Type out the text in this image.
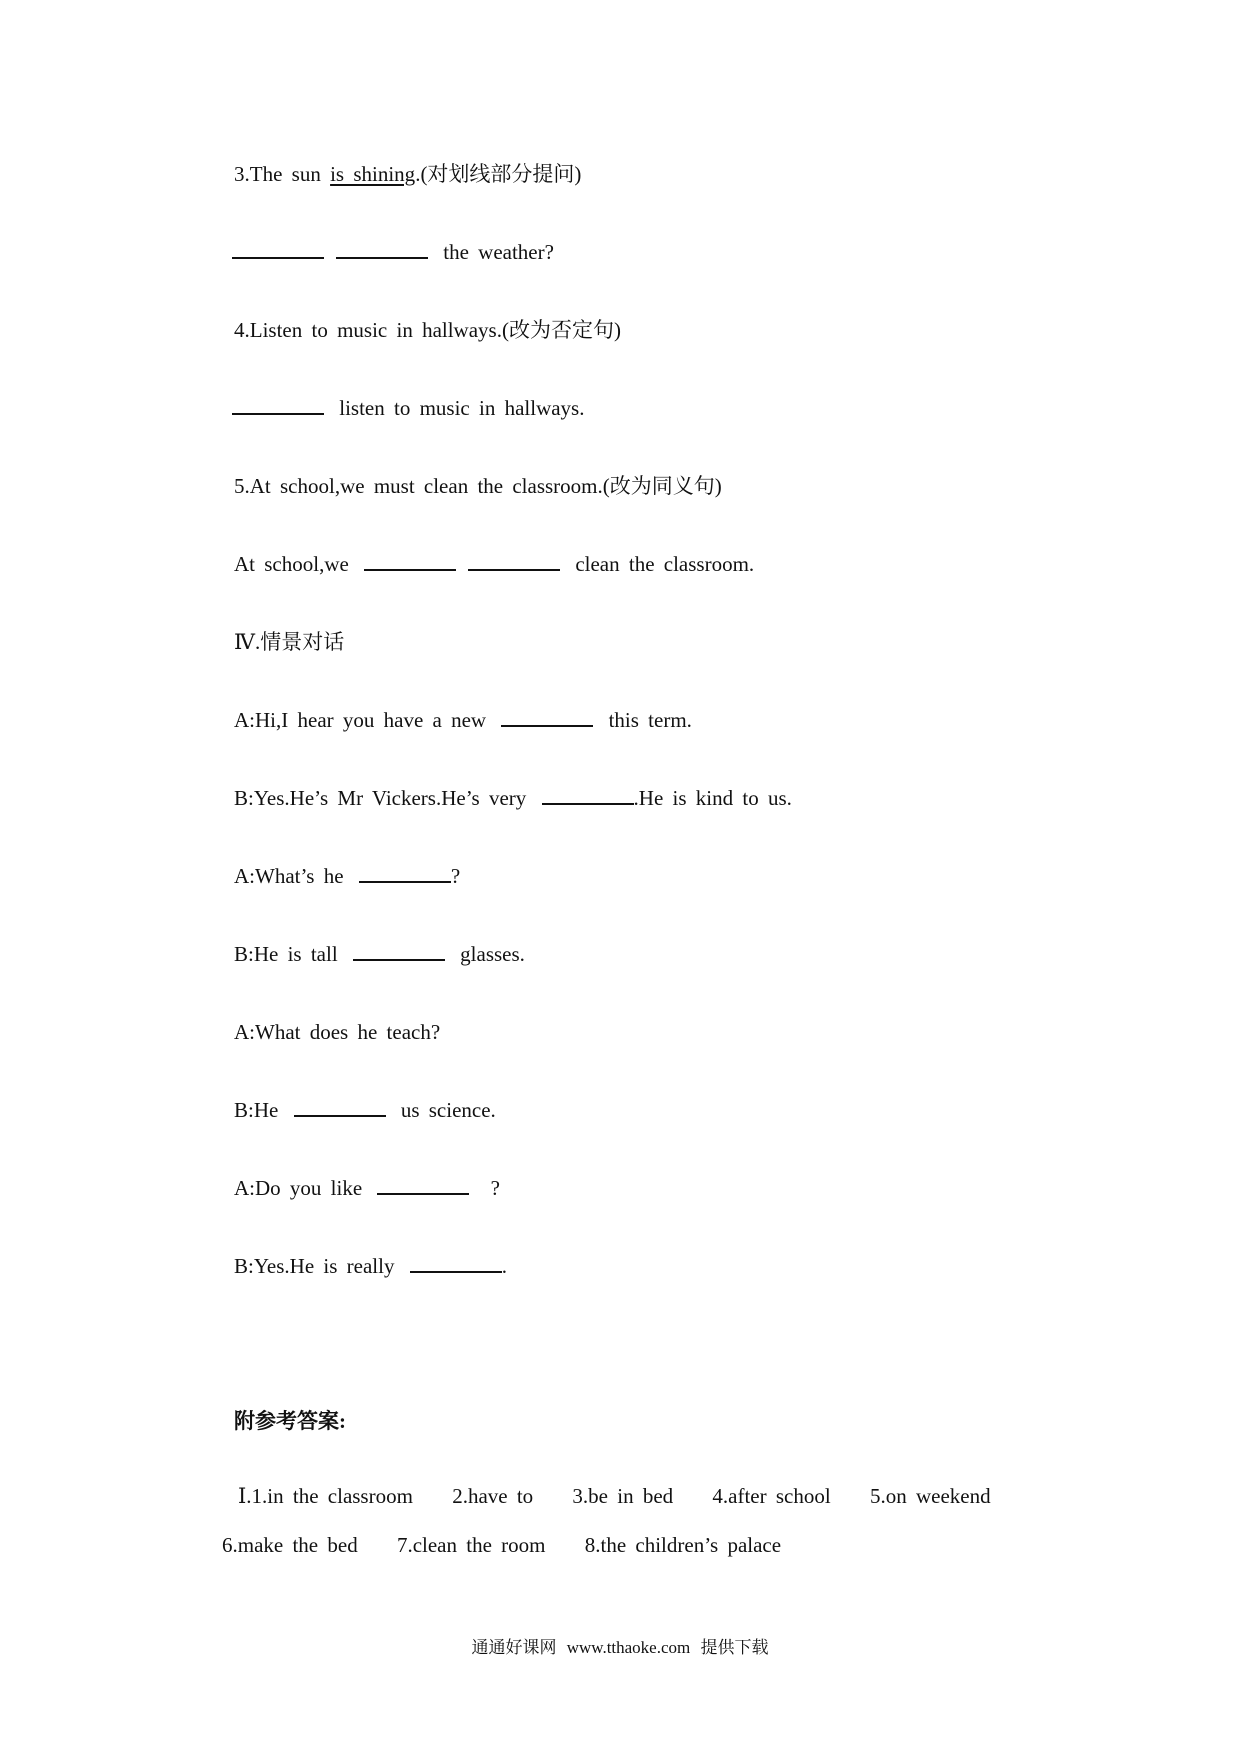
3.The sun is shining.(对划线部分提问)
the weather?
4.Listen to music in hallways.(改为否定句)
listen to music in hallways.
5.At school,we must clean the classroom.(改为同义句)
At school,we	clean the classroom.
Ⅳ.情景对话
A:Hi,I hear you have a new	this term.
B:Yes.He’s Mr Vickers.He’s very	.He is kind to us.
A:What’s he	?
B:He is tall	glasses.
A:What does he teach?
B:He	us science.
A:Do you like	?
B:Yes.He is really	.
附参考答案:
Ⅰ.1.in the classroom 2.have to 3.be in bed 4.after school 5.on weekend
6.make the bed 7.clean the room 8.the children’s palace
通通好课网 www.tthaoke.com 提供下载
